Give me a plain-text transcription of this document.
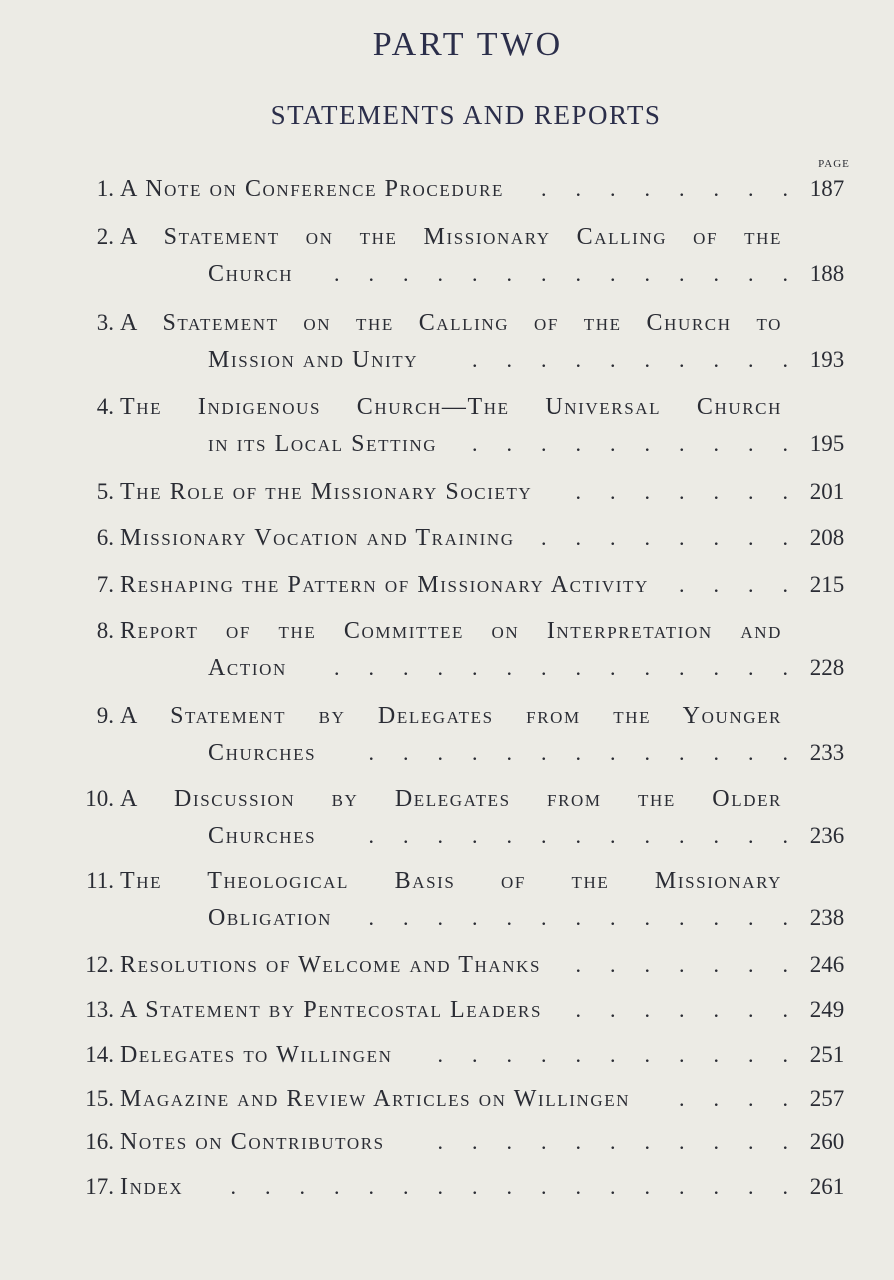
PART TWO
STATEMENTS AND REPORTS
PAGE
1. A Note on Conference Procedure ........
187
2. A Statement on the Missionary Calling of the
Church ..............
188
3. A Statement on the Calling of the Church to
Mission and Unity ..........
193
4. The Indigenous Church—The Universal Church
in its Local Setting ..........
195
5. The Role of the Missionary Society .......
201
6. Missionary Vocation and Training ........
208
7. Reshaping the Pattern of Missionary Activity ....
215
8. Report of the Committee on Interpretation and
Action ..............
228
9. A Statement by Delegates from the Younger
Churches .............
233
10. A Discussion by Delegates from the Older
Churches .............
236
11. The Theological Basis of the Missionary
Obligation .............
238
12. Resolutions of Welcome and Thanks .......
246
13. A Statement by Pentecostal Leaders .......
249
14. Delegates to Willingen ...........
251
15. Magazine and Review Articles on Willingen ....
257
16. Notes on Contributors ...........
260
17. Index .................
261
